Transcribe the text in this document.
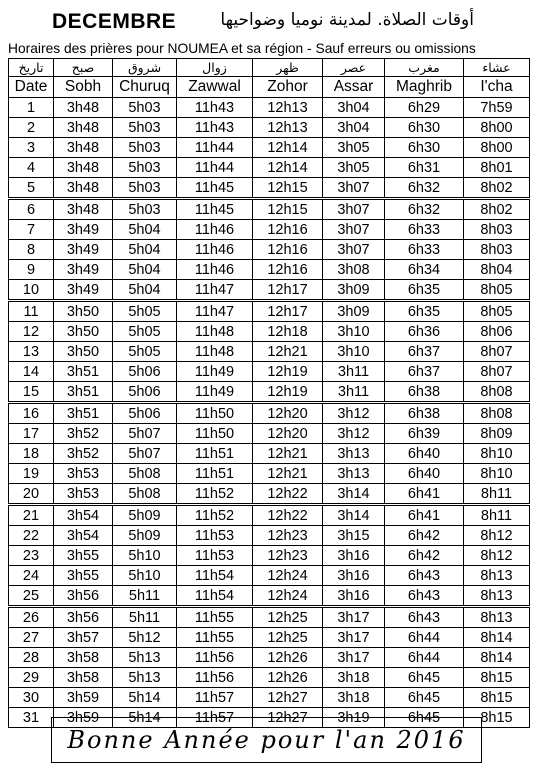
DECEMBRE	أوقات الصلاة. لمدينة نوميا وضواحيها
Horaires des prières pour NOUMEA et sa région - Sauf erreurs ou omissions
تاريخ	صبح	شروق	زوال	ظهر	عصر	مغرب	عشاء
Date	Sobh	Churuq	Zawwal	Zohor	Assar	Maghrib	I'cha
1	3h48	5h03	11h43	12h13	3h04	6h29	7h59
2	3h48	5h03	11h43	12h13	3h04	6h30	8h00
3	3h48	5h03	11h44	12h14	3h05	6h30	8h00
4	3h48	5h03	11h44	12h14	3h05	6h31	8h01
5	3h48	5h03	11h45	12h15	3h07	6h32	8h02
6	3h48	5h03	11h45	12h15	3h07	6h32	8h02
7	3h49	5h04	11h46	12h16	3h07	6h33	8h03
8	3h49	5h04	11h46	12h16	3h07	6h33	8h03
9	3h49	5h04	11h46	12h16	3h08	6h34	8h04
10	3h49	5h04	11h47	12h17	3h09	6h35	8h05
11	3h50	5h05	11h47	12h17	3h09	6h35	8h05
12	3h50	5h05	11h48	12h18	3h10	6h36	8h06
13	3h50	5h05	11h48	12h21	3h10	6h37	8h07
14	3h51	5h06	11h49	12h19	3h11	6h37	8h07
15	3h51	5h06	11h49	12h19	3h11	6h38	8h08
16	3h51	5h06	11h50	12h20	3h12	6h38	8h08
17	3h52	5h07	11h50	12h20	3h12	6h39	8h09
18	3h52	5h07	11h51	12h21	3h13	6h40	8h10
19	3h53	5h08	11h51	12h21	3h13	6h40	8h10
20	3h53	5h08	11h52	12h22	3h14	6h41	8h11
21	3h54	5h09	11h52	12h22	3h14	6h41	8h11
22	3h54	5h09	11h53	12h23	3h15	6h42	8h12
23	3h55	5h10	11h53	12h23	3h16	6h42	8h12
24	3h55	5h10	11h54	12h24	3h16	6h43	8h13
25	3h56	5h11	11h54	12h24	3h16	6h43	8h13
26	3h56	5h11	11h55	12h25	3h17	6h43	8h13
27	3h57	5h12	11h55	12h25	3h17	6h44	8h14
28	3h58	5h13	11h56	12h26	3h17	6h44	8h14
29	3h58	5h13	11h56	12h26	3h18	6h45	8h15
30	3h59	5h14	11h57	12h27	3h18	6h45	8h15
31	3h59	5h14	11h57	12h27	3h19	6h45	8h15
Bonne Année pour l'an 2016
